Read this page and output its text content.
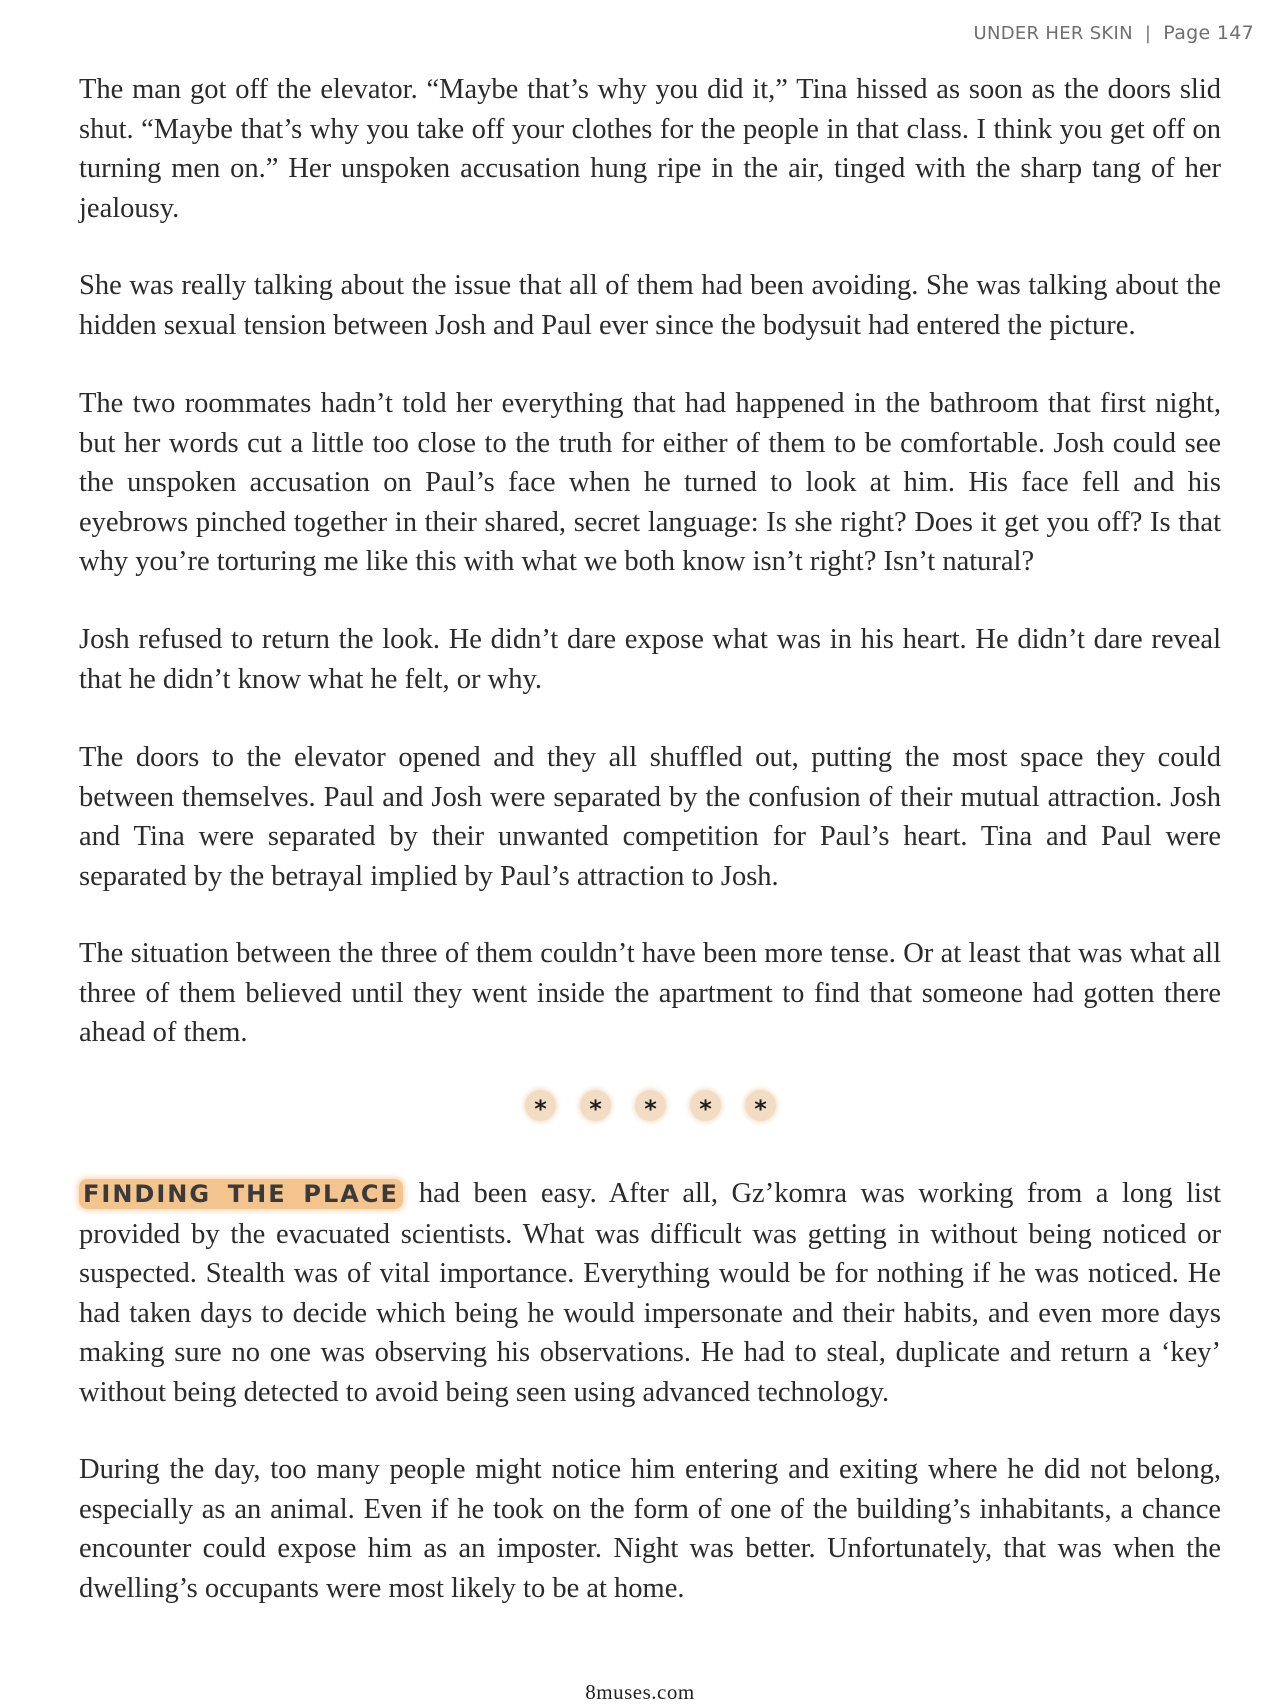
UNDER HER SKIN | Page 147

The man got off the elevator. “Maybe that’s why you did it,” Tina hissed as soon as the doors slid shut. “Maybe that’s why you take off your clothes for the people in that class. I think you get off on turning men on.” Her unspoken accusation hung ripe in the air, tinged with the sharp tang of her jealousy.

She was really talking about the issue that all of them had been avoiding. She was talking about the hidden sexual tension between Josh and Paul ever since the bodysuit had entered the picture.

The two roommates hadn’t told her everything that had happened in the bathroom that first night, but her words cut a little too close to the truth for either of them to be comfortable. Josh could see the unspoken accusation on Paul’s face when he turned to look at him. His face fell and his eyebrows pinched together in their shared, secret language: Is she right? Does it get you off? Is that why you’re torturing me like this with what we both know isn’t right? Isn’t natural?

Josh refused to return the look. He didn’t dare expose what was in his heart. He didn’t dare reveal that he didn’t know what he felt, or why.

The doors to the elevator opened and they all shuffled out, putting the most space they could between themselves. Paul and Josh were separated by the confusion of their mutual attraction. Josh and Tina were separated by their unwanted competition for Paul’s heart. Tina and Paul were separated by the betrayal implied by Paul’s attraction to Josh.

The situation between the three of them couldn’t have been more tense. Or at least that was what all three of them believed until they went inside the apartment to find that someone had gotten there ahead of them.

*	*	*	*	*

FINDING THE PLACE had been easy. After all, Gz’komra was working from a long list provided by the evacuated scientists. What was difficult was getting in without being noticed or suspected. Stealth was of vital importance. Everything would be for nothing if he was noticed. He had taken days to decide which being he would impersonate and their habits, and even more days making sure no one was observing his observations. He had to steal, duplicate and return a ‘key’ without being detected to avoid being seen using advanced technology.

During the day, too many people might notice him entering and exiting where he did not belong, especially as an animal. Even if he took on the form of one of the building’s inhabitants, a chance encounter could expose him as an imposter. Night was better. Unfortunately, that was when the dwelling’s occupants were most likely to be at home.

8muses.com
